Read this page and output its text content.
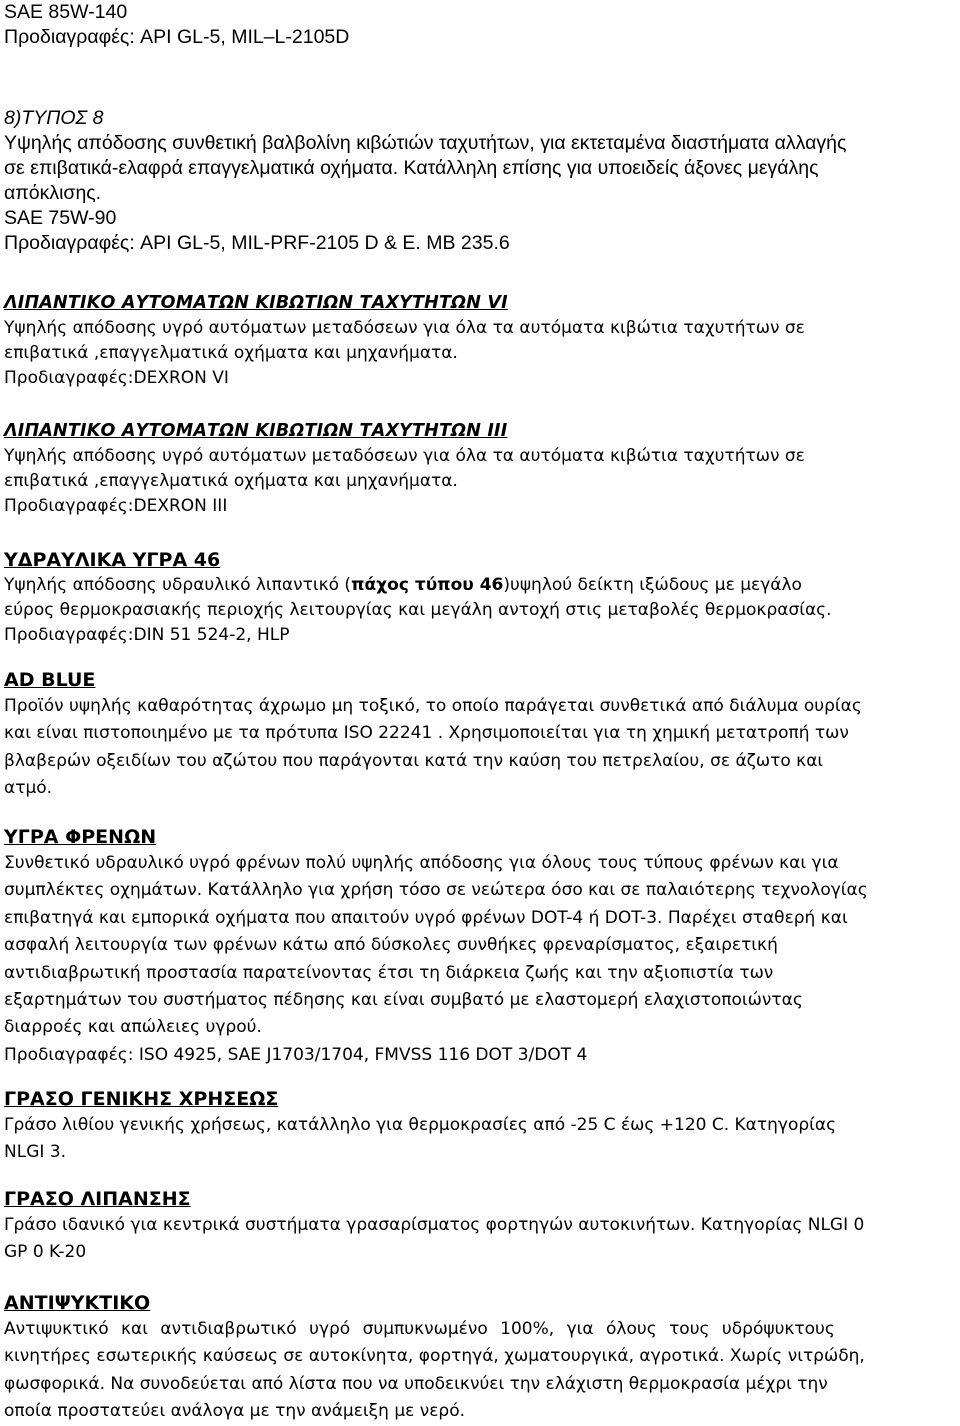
SAE 85W-140
Προδιαγραφές: API GL-5, MIL–L-2105D
8)ΤΥΠΟΣ 8
Υψηλής απόδοσης συνθετική βαλβολίνη κιβώτιών ταχυτήτων, για εκτεταμένα διαστήματα αλλαγής
σε επιβατικά-ελαφρά επαγγελματικά οχήματα. Κατάλληλη επίσης για υποειδείς άξονες μεγάλης
απόκλισης.
SAE 75W-90
Προδιαγραφές: API GL-5, MIL-PRF-2105 D & E. MB 235.6
ΛΙΠΑΝΤΙΚΟ ΑΥΤΟΜΑΤΩΝ ΚΙΒΩΤΙΩΝ ΤΑΧΥΤΗΤΩΝ VI
Υψηλής απόδοσης υγρό αυτόματων μεταδόσεων για όλα τα αυτόματα κιβώτια ταχυτήτων σε
επιβατικά ,επαγγελματικά οχήματα και μηχανήματα.
Προδιαγραφές:DEXRON VI
ΛΙΠΑΝΤΙΚΟ ΑΥΤΟΜΑΤΩΝ ΚΙΒΩΤΙΩΝ ΤΑΧΥΤΗΤΩΝ III
Υψηλής απόδοσης υγρό αυτόματων μεταδόσεων για όλα τα αυτόματα κιβώτια ταχυτήτων σε
επιβατικά ,επαγγελματικά οχήματα και μηχανήματα.
Προδιαγραφές:DEXRON III
ΥΔΡΑΥΛΙΚΑ ΥΓΡΑ 46
Υψηλής απόδοσης υδραυλικό λιπαντικό (πάχος τύπου 46)υψηλού δείκτη ιξώδους με μεγάλο
εύρος θερμοκρασιακής περιοχής λειτουργίας και μεγάλη αντοχή στις μεταβολές θερμοκρασίας.
Προδιαγραφές:DIN 51 524-2, HLP
AD BLUE
Προϊόν υψηλής καθαρότητας άχρωμο μη τοξικό, το οποίο παράγεται συνθετικά από διάλυμα ουρίας
και είναι πιστοποιημένο με τα πρότυπα ISO 22241 . Χρησιμοποιείται για τη χημική μετατροπή των
βλαβερών οξειδίων του αζώτου που παράγονται κατά την καύση του πετρελαίου, σε άζωτο και
ατμό.
ΥΓΡΑ ΦΡΕΝΩΝ
Συνθετικό υδραυλικό υγρό φρένων πολύ υψηλής απόδοσης για όλους τους τύπους φρένων και για
συμπλέκτες οχημάτων. Κατάλληλο για χρήση τόσο σε νεώτερα όσο και σε παλαιότερης τεχνολογίας
επιβατηγά και εμπορικά οχήματα που απαιτούν υγρό φρένων DOT-4 ή DOT-3. Παρέχει σταθερή και
ασφαλή λειτουργία των φρένων κάτω από δύσκολες συνθήκες φρεναρίσματος, εξαιρετική
αντιδιαβρωτική προστασία παρατείνοντας έτσι τη διάρκεια ζωής και την αξιοπιστία των
εξαρτημάτων του συστήματος πέδησης και είναι συμβατό με ελαστομερή ελαχιστοποιώντας
διαρροές και απώλειες υγρού.
Προδιαγραφές: ISO 4925, SAE J1703/1704, FMVSS 116 DOT 3/DOT 4
ΓΡΑΣΟ ΓΕΝΙΚΗΣ ΧΡΗΣΕΩΣ
Γράσο λιθίου γενικής χρήσεως, κατάλληλο για θερμοκρασίες από -25 C έως +120 C. Κατηγορίας
NLGI 3.
ΓΡΑΣΟ ΛΙΠΑΝΣΗΣ
Γράσο ιδανικό για κεντρικά συστήματα γρασαρίσματος φορτηγών αυτοκινήτων. Κατηγορίας NLGI 0
GP 0 K-20
ΑΝΤΙΨΥΚΤΙΚΟ
Αντιψυκτικό και αντιδιαβρωτικό υγρό συμπυκνωμένο 100%, για όλους τους υδρόψυκτους
κινητήρες εσωτερικής καύσεως σε αυτοκίνητα, φορτηγά, χωματουργικά, αγροτικά. Χωρίς νιτρώδη,
φωσφορικά. Να συνοδεύεται από λίστα που να υποδεικνύει την ελάχιστη θερμοκρασία μέχρι την
οποία προστατεύει ανάλογα με την ανάμειξη με νερό.
